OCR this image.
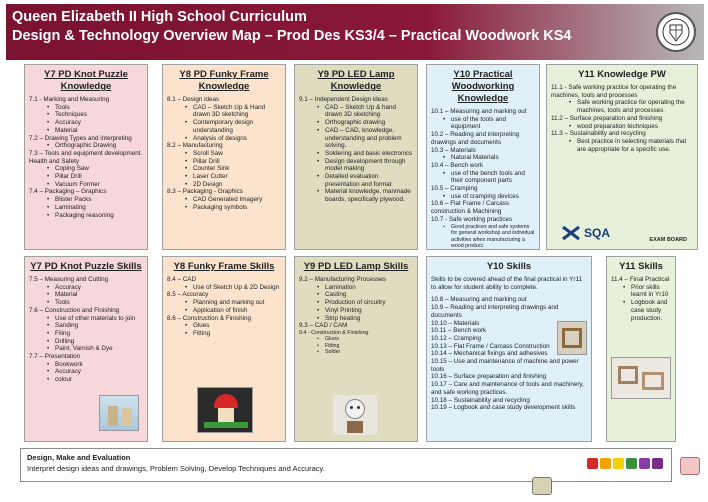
Queen Elizabeth II High School Curriculum
Design & Technology Overview Map – Prod Des KS3/4 – Practical Woodwork KS4
Y7 PD Knot Puzzle Knowledge
7.1 - Marking and Measuring
• Tools
• Techniques
• Accuracy
• Material
7.2 – Drawing Types and interpreting
• Orthographic Drawing
7.3 – Tools and equipment development. Health and Safety
• Coping Saw
• Pillar Drill
• Vacuum Former
7.4 – Packaging – Graphics
• Blister Packs
• Laminating
• Packaging reasoning
Y8 PD Funky Frame Knowledge
8.1 – Design ideas
• CAD – Sketch Up & Hand drawn 3D sketching
• Contemporary design understanding
• Analysis of designs
8.2 – Manufacturing
• Scroll Saw
• Pillar Drill
• Counter Sink
• Laser Cutter
• 2D Design
8.3 – Packaging - Graphics
• CAD Generated Imagery
• Packaging symbols
Y9 PD LED Lamp Knowledge
9.1 – Independent Design ideas
• CAD – Sketch Up & hand drawn 3D sketching
• Orthographic drawing
• CAD – CAD, knowledge, understanding and problem solving.
• Soldering and basic electronics
• Design development through model making
• Detailed evaluation presentation and format
• Material knowledge, manmade boards, specifically plywood.
Y10 Practical Woodworking Knowledge
10.1 – Measuring and marking out
• use of the tools and equipment
10.2 – Reading and interpreting drawings and documents
10.3 – Materials
• Natural Materials
10.4 – Bench work
• use of the bench tools and their component parts
10.5 – Cramping
• use of cramping devices
10.6 – Flat Frame / Carcass construction & Machining
10.7 - Safe working practices
• Good practices and safe systems for general workshop and individual activities when manufacturing a wood product.
Y11 Knowledge PW
11.1 - Safe working practice for operating the machines, tools and processes
• Safe working practice for operating the machines, tools and processes
11.2 – Surface preparation and finishing
• wood preparation techniques
11.3 – Sustainability and recycling
• Best practice in selecting materials that are appropriate for a specific use.
SQA	EXAM BOARD
Y7 PD Knot Puzzle Skills
7.5 – Measuring and Cutting
• Accuracy
• Material
• Tools
7.6 – Construction and Finishing
• Use of other materials to join
• Sanding
• Filing
• Drilling
• Paint, Varnish & Dye
7.7 – Presentation
• Bookwork
• Accuracy
• colour
Y8 Funky Frame Skills
8.4 – CAD
• Use of Sketch Up & 2D Design
8.5 – Accuracy
• Planning and marking out
• Application of finish
8.6 – Construction & Finishing
• Glues
• Fitting
Y9 PD LED Lamp Skills
9.2 – Manufacturing Processes
• Lamination
• Casting
• Production of circuitry
• Vinyl Printing
• Strip heating
9.3 – CAD / CAM
9.4 - Construction & Finishing
• Glues
• Fitting
• Solder
Y10 Skills
Skills to be covered ahead of the final practical in Yr11 to allow for student ability to complete.
10.8 – Measuring and marking out
10.9 – Reading and interpreting drawings and documents
10.10 – Materials
10.11 – Bench work
10.12 – Cramping
10.13 – Flat Frame / Carcass Construction
10.14 – Mechanical fixings and adhesives
10.15 – Use and maintenance of machine and power tools
10.16 – Surface preparation and finishing
10.17 – Care and maintenance of tools and machinery, and safe working practices.
10.18 – Sustainability and recycling
10.19 – Logbook and case study development skills
Y11 Skills
11.4 – Final Practical
• Prior skills learnt in Yr10
• Logbook and case study production.
Design, Make and Evaluation
Interpret design ideas and drawings, Problem Solving, Develop Techniques and Accuracy.
